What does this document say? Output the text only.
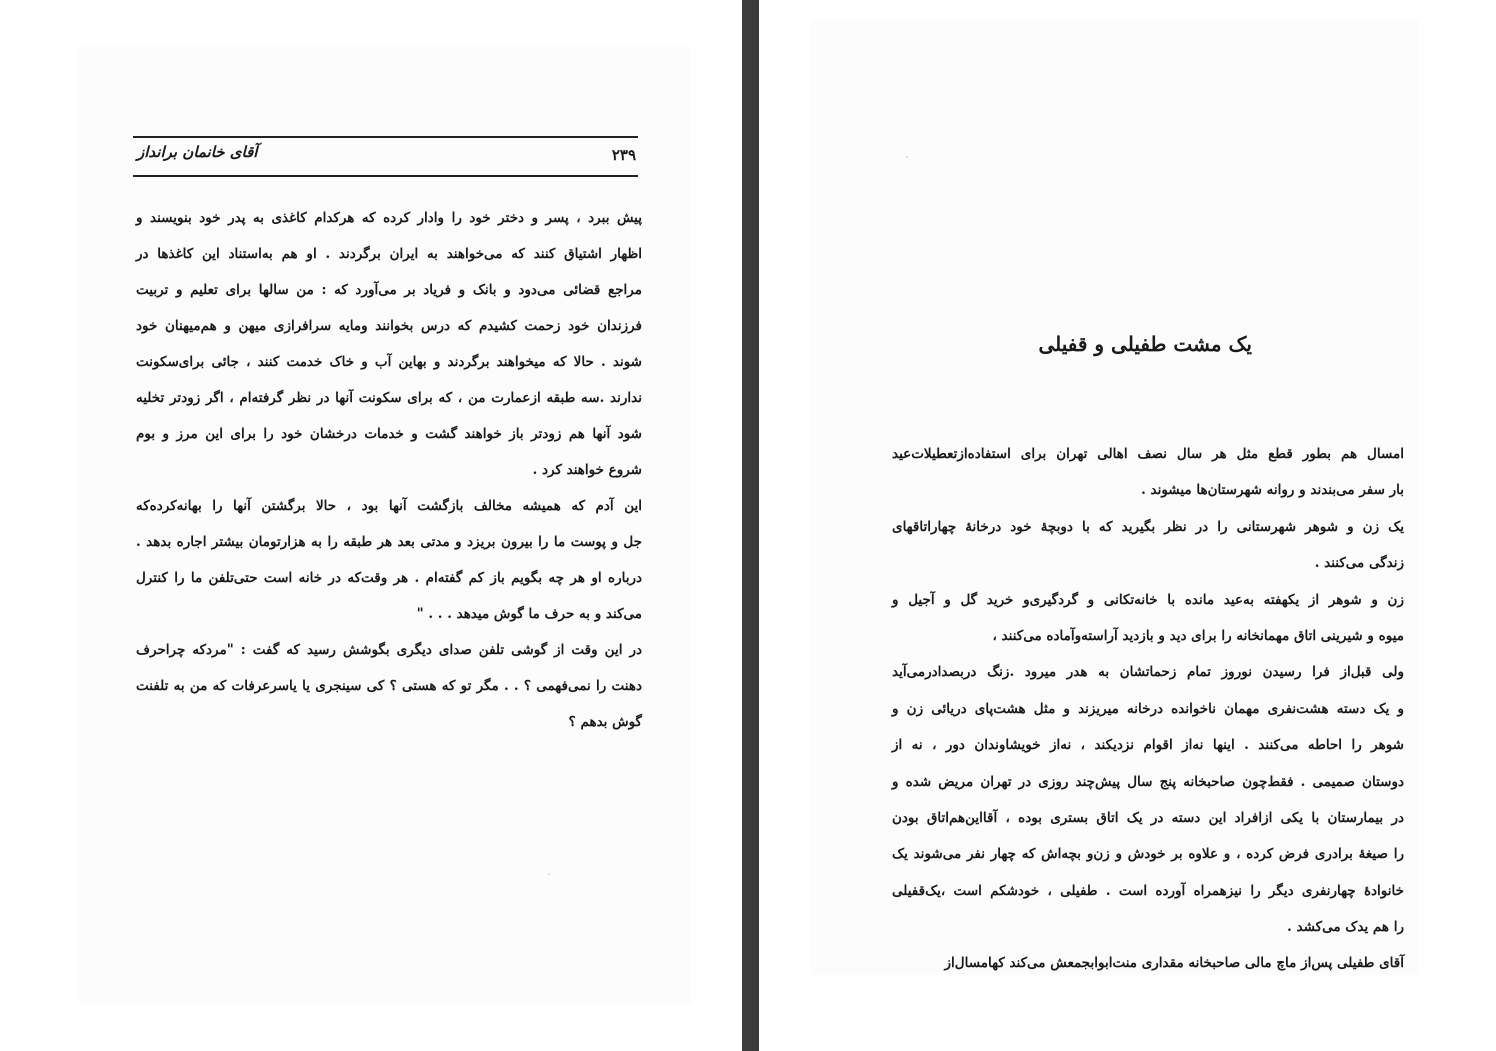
آقای خانمان برانداز	۲۳۹
پیش ببرد ، پسر و دختر خود را وادار کرده که هرکدام کاغذی به پدر خود بنویسند و
اظهار اشتیاق کنند که می‌خواهند به ایران برگردند . او هم به‌استناد این کاغذها در
مراجع قضائی می‌دود و بانک و فریاد بر می‌آورد که : من سالها برای تعلیم و تربیت
فرزندان خود زحمت کشیدم که درس بخوانند ومایه سرافرازی میهن و هم‌میهنان خود
شوند . حالا که میخواهند برگردند و بهاین آب و خاک خدمت کنند ، جائی برای‌سکونت
ندارند .سه طبقه ازعمارت من ، که برای سکونت آنها در نظر گرفته‌ام ، اگر زودتر تخلیه
شود آنها هم زودتر باز خواهند گشت و خدمات درخشان خود را برای این مرز و بوم
شروع خواهند کرد .
این آدم که همیشه مخالف بازگشت آنها بود ، حالا برگشتن آنها را بهانه‌کرده‌که
جل و پوست ما را بیرون بریزد و مدتی بعد هر طبقه را به هزارتومان بیشتر اجاره بدهد .
درباره او هر چه بگویم باز کم گفته‌ام . هر وقت‌که در خانه است حتی‌تلفن ما را کنترل
می‌کند و به حرف ما گوش میدهد . . . "
در این وقت از گوشی تلفن صدای دیگری بگوشش رسید که گفت : "مردکه چراحرف
دهنت را نمی‌فهمی ؟ . . مگر تو که هستی ؟ کی سینجری یا یاسرعرفات که من به تلفنت
گوش بدهم ؟
یک مشت طفیلی و قفیلی
امسال هم بطور قطع مثل هر سال نصف اهالی تهران برای استفاده‌ازتعطیلات‌عید
بار سفر می‌بندند و روانه شهرستان‌ها میشوند .
یک زن و شوهر شهرستانی را در نظر بگیرید که با دوبچهٔ خود درخانهٔ چهاراتاقهای
زندگی می‌کنند .
زن و شوهر از یکهفته به‌عید مانده با خانه‌تکانی و گردگیری‌و خرید گل و آجیل و
میوه و شیرینی اتاق مهمانخانه را برای دید و بازدید آراسته‌وآماده می‌کنند ،
ولی قبل‌از فرا رسیدن نوروز تمام زحماتشان به هدر میرود .زنگ دربصدادرمی‌آید
و یک دسته هشت‌نفری مهمان ناخوانده درخانه میریزند و مثل هشت‌پای دریائی زن و
شوهر را احاطه می‌کنند . اینها نه‌از اقوام نزدیکند ، نه‌از خویشاوندان دور ، نه از
دوستان صمیمی . فقط‌چون صاحبخانه پنج سال پیش‌چند روزی در تهران مریض شده و
در بیمارستان با یکی ازافراد این دسته در یک اتاق بستری بوده ، آقااین‌هم‌اتاق بودن
را صیغهٔ برادری فرض کرده ، و علاوه بر خودش و زن‌و بچه‌اش که چهار نفر می‌شوند یک
خانوادهٔ چهارنفری دیگر را نیزهمراه آورده است . طفیلی ، خودشکم است ،یک‌قفیلی
را هم یدک می‌کشد .
آقای طفیلی پس‌از ماچ مالی صاحبخانه مقداری منت‌ابوابجمعش می‌کند کهامسال‌از
